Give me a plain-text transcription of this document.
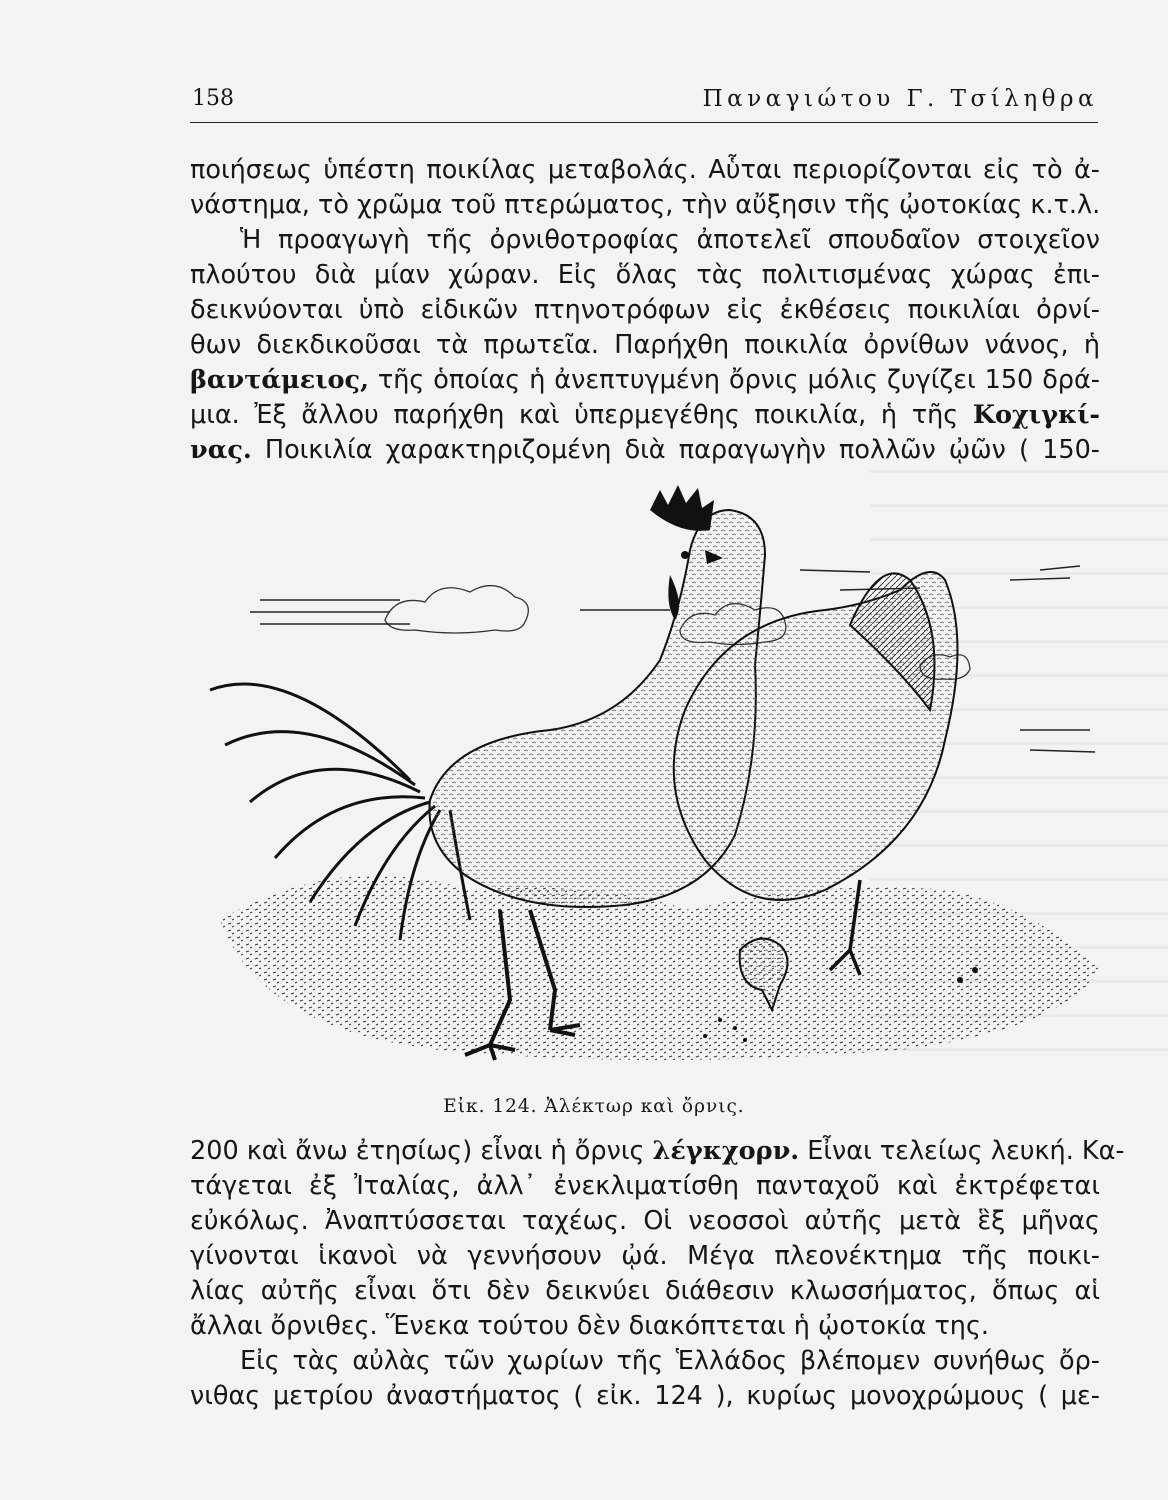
158	Παναγιώτου Γ. Τσίληθρα
ποιήσεως ὑπέστη ποικίλας μεταβολάς. Αὗται περιορίζονται εἰς τὸ ἀ-
νάστημα, τὸ χρῶμα τοῦ πτερώματος, τὴν αὔξησιν τῆς ᾠοτοκίας κ.τ.λ.
Ἡ προαγωγὴ τῆς ὀρνιθοτροφίας ἀποτελεῖ σπουδαῖον στοιχεῖον
πλούτου διὰ μίαν χώραν. Εἰς ὅλας τὰς πολιτισμένας χώρας ἐπι-
δεικνύονται ὑπὸ εἰδικῶν πτηνοτρόφων εἰς ἐκθέσεις ποικιλίαι ὀρνί-
θων διεκδικοῦσαι τὰ πρωτεῖα. Παρήχθη ποικιλία ὀρνίθων νάνος, ἡ
βαντάμειος, τῆς ὁποίας ἡ ἀνεπτυγμένη ὄρνις μόλις ζυγίζει 150 δρά-
μια. Ἐξ ἄλλου παρήχθη καὶ ὑπερμεγέθης ποικιλία, ἡ τῆς Κοχιγκί-
νας. Ποικιλία χαρακτηριζομένη διὰ παραγωγὴν πολλῶν ᾠῶν ( 150-
Εἰκ. 124. Ἀλέκτωρ καὶ ὄρνις.
200 καὶ ἄνω ἐτησίως) εἶναι ἡ ὄρνις λέγκχορν. Εἶναι τελείως λευκή. Κα-
τάγεται ἐξ Ἰταλίας, ἀλλ᾽ ἐνεκλιματίσθη πανταχοῦ καὶ ἐκτρέφεται
εὐκόλως. Ἀναπτύσσεται ταχέως. Οἱ νεοσσοὶ αὐτῆς μετὰ ἓξ μῆνας
γίνονται ἱκανοὶ νὰ γεννήσουν ᾠά. Μέγα πλεονέκτημα τῆς ποικι-
λίας αὐτῆς εἶναι ὅτι δὲν δεικνύει διάθεσιν κλωσσήματος, ὅπως αἱ
ἄλλαι ὄρνιθες. Ἕνεκα τούτου δὲν διακόπτεται ἡ ᾠοτοκία της.
Εἰς τὰς αὐλὰς τῶν χωρίων τῆς Ἑλλάδος βλέπομεν συνήθως ὄρ-
νιθας μετρίου ἀναστήματος ( εἰκ. 124 ), κυρίως μονοχρώμους ( με-
